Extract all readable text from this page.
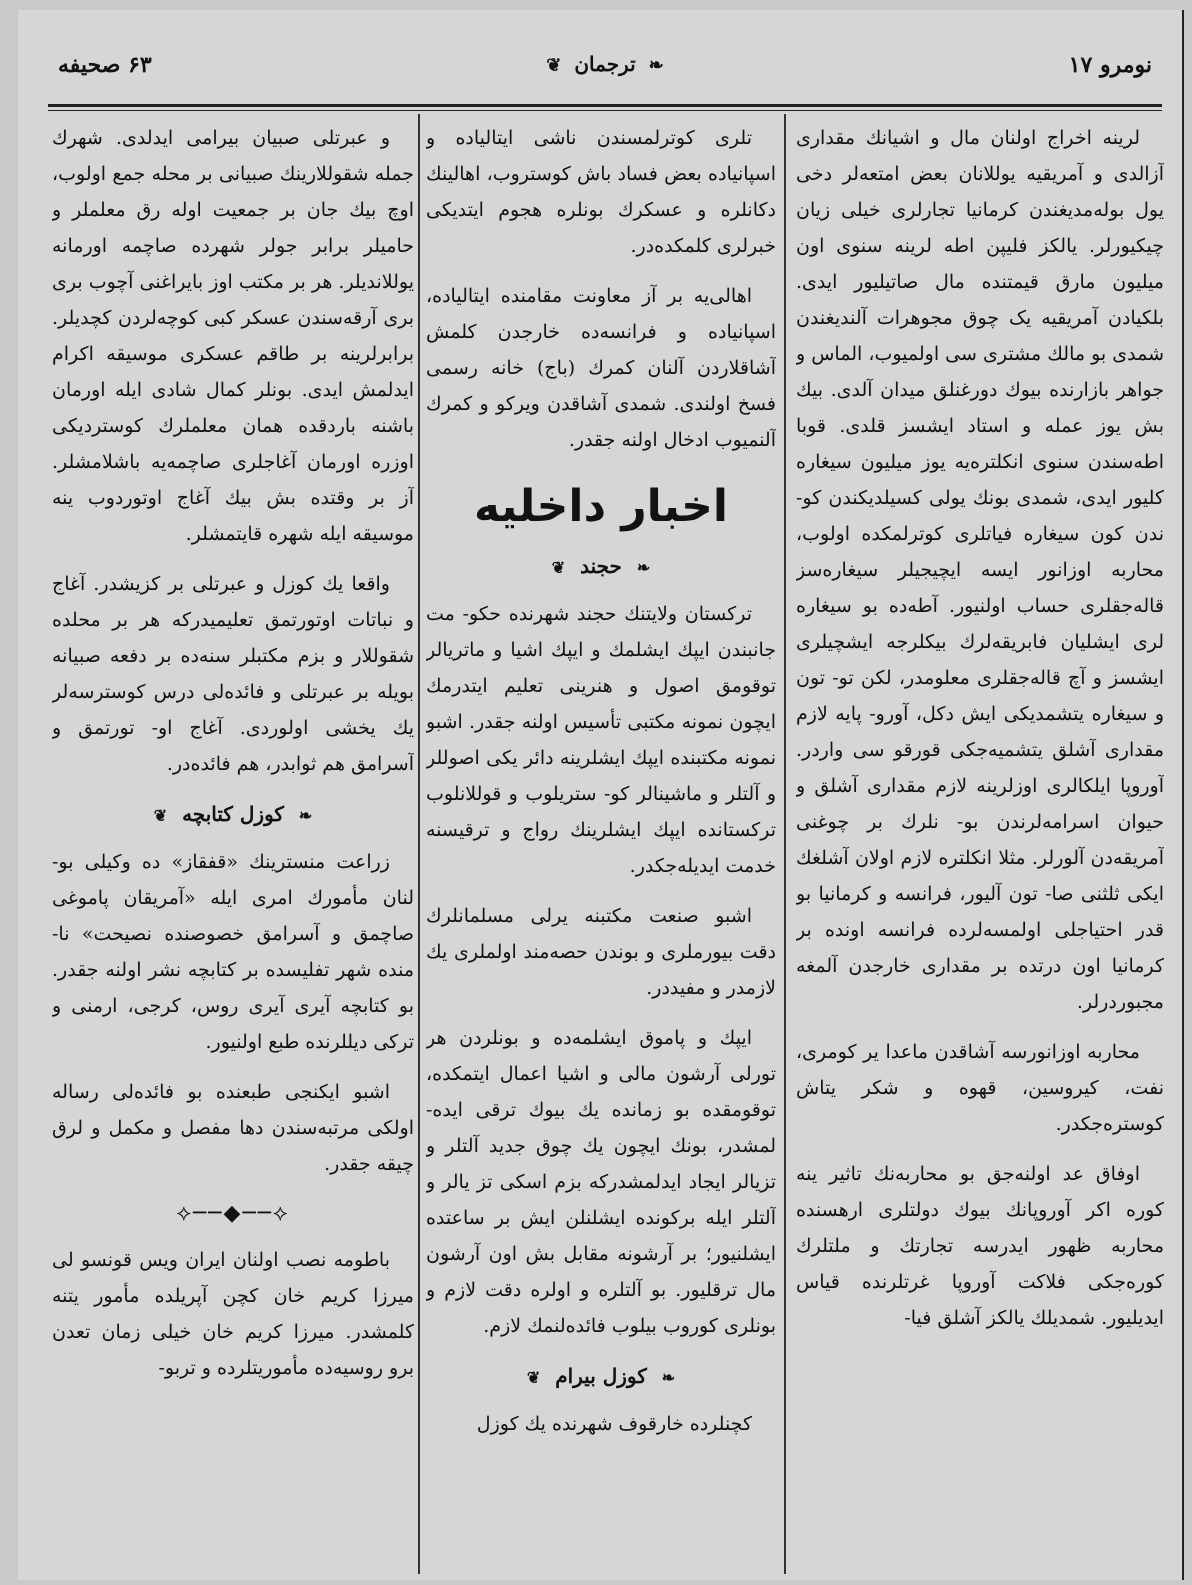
نومرو ۱۷
❧ ترجمان ❦
۶۳ صحیفه

لرینه اخراج اولنان مال و اشیانك مقداری آزالدی و آمریقیه یوللانان بعض امتعه‌لر دخی یول بوله‌مدیغندن کرمانیا تجارلری خیلی زیان چیکیورلر. یالکز فلیپن اطه لرینه سنوی اون میلیون مارق قیمتنده مال صاتیلیور ایدی. بلکیادن آمریقیه یک چوق مجوهرات آلندیغندن شمدی بو مالك مشتری سی اولمیوب، الماس و جواهر بازارنده بیوك دورغنلق میدان آلدی. بیك بش یوز عمله و استاد ایشسز قلدی. قوبا اطه‌سندن سنوی انکلتره‌یه یوز میلیون سیغاره کلیور ایدی، شمدی بونك یولی کسیلدیکندن کو- ندن کون سیغاره فیاتلری کوترلمکده اولوب، محاربه اوزانور ایسه ایچیجیلر سیغاره‌سز قاله‌جقلری حساب اولنیور. آطه‌ده بو سیغاره لری ایشلیان فابریقه‌لرك بیکلرجه ایشچیلری ایشسز و آچ قاله‌جقلری معلومدر، لکن تو- تون و سیغاره یتشمدیکی ایش دکل، آورو- پایه لازم مقداری آشلق یتشمیه‌جکی قورقو سی واردر. آوروپا ایلکالری اوزلرینه لازم مقداری آشلق و حیوان اسرامه‌لرندن بو- نلرك بر چوغنی آمریقه‌دن آلورلر. مثلا انکلتره لازم اولان آشلغك ایکی ثلثنی صا- تون آلیور، فرانسه و کرمانیا بو قدر احتیاجلی اولمسه‌لرده فرانسه اونده بر کرمانیا اون درتده بر مقداری خارجدن آلمغه مجبوردرلر.

محاربه اوزانورسه آشاقدن ماعدا یر کومری، نفت، کیروسین، قهوه و شکر یتاش کوستره‌جکدر.

اوفاق عد اولنه‌جق بو محاربه‌نك تاثیر ینه کوره اکر آوروپانك بیوك دولتلری ارهسنده محاربه ظهور ایدرسه تجارتك و ملتلرك کوره‌جکی فلاکت آوروپا غرتلرنده قیاس ایدیلیور. شمدیلك یالکز آشلق فیا-

تلری کوترلمسندن ناشی ایتالیاده و اسپانیاده بعض فساد باش کوستروب، اهالینك دکانلره و عسکرك بونلره هجوم ایتدیکی خبرلری کلمکده‌در.

اهالی‌یه بر آز معاونت مقامنده ایتالیاده، اسپانیاده و فرانسه‌ده خارجدن کلمش آشاقلاردن آلنان کمرك (باج) خانه رسمی فسخ اولندی. شمدی آشاقدن ویرکو و کمرك آلنمیوب ادخال اولنه جقدر.

اخبار داخلیه
❧ حجند ❦

ترکستان ولایتنك حجند شهرنده حکو- مت جانبندن ایپك ایشلمك و ایپك اشیا و ماتریالر توقومق اصول و هنرینی تعلیم ایتدرمك ایچون نمونه مکتبی تأسیس اولنه جقدر. اشبو نمونه مکتبنده ایپك ایشلرینه دائر یکی اصوللر و آلتلر و ماشینالر کو- ستریلوب و قوللانلوب ترکستانده ایپك ایشلرینك رواج و ترقیسنه خدمت ایدیله‌جکدر.

اشبو صنعت مکتبنه یرلی مسلمانلرك دقت بیورملری و بوندن حصه‌مند اولملری یك لازمدر و مفیددر.

ایپك و پاموق ایشلمه‌ده و بونلردن هر تورلی آرشون مالی و اشیا اعمال ایتمکده، توقومقده بو زمانده یك بیوك ترقی ایده- لمشدر، بونك ایچون یك چوق جدید آلتلر و تزیالر ایجاد ایدلمشدرکه بزم اسکی تز یالر و آلتلر ایله برکونده ایشلنلن ایش بر ساعتده ایشلنیور؛ بر آرشونه مقابل بش اون آرشون مال ترقلیور. بو آلتلره و اولره دقت لازم و بونلری کوروب بیلوب فائده‌لنمك لازم.

❧ کوزل بیرام ❦

کچنلرده خارقوف شهرنده یك کوزل

و عبرتلی صبیان بیرامی ایدلدی. شهرك جمله شقوللارینك صبیانی بر محله جمع اولوب، اوچ بیك جان بر جمعیت اوله رق معلملر و حامیلر برابر جولر شهرده صاچمه اورمانه یوللاندیلر. هر بر مکتب اوز بایراغنی آچوب بری بری آرقه‌سندن عسکر کبی کوچه‌لردن کچدیلر. برابرلرینه بر طاقم عسکری موسیقه اکرام ایدلمش ایدی. بونلر کمال شادی ایله اورمان باشنه باردقده همان معلملرك کوستردیکی اوزره اورمان آغاجلری صاچمه‌یه باشلامشلر. آز بر وقتده بش بیك آغاج اوتوردوب ینه موسیقه ایله شهره قایتمشلر.

واقعا یك کوزل و عبرتلی بر کزیشدر. آغاج و نباتات اوتورتمق تعلیمیدرکه هر بر محلده شقوللار و بزم مکتبلر سنه‌ده بر دفعه صبیانه بویله بر عبرتلی و فائده‌لی درس کوسترسه‌لر یك یخشی اولوردی. آغاج او- تورتمق و آسرامق هم ثوابدر، هم فائده‌در.

❧ کوزل کتابچه ❦

زراعت منسترینك «قفقاز» ده وکیلی بو- لنان مأمورك امری ایله «آمریقان پاموغی صاچمق و آسرامق خصوصنده نصیحت» نا- منده شهر تفلیسده بر کتابچه نشر اولنه جقدر. بو کتابچه آیری آیری روس، کرجی، ارمنی و ترکی دیللرنده طبع اولنیور.

اشبو ایکنجی طبعنده بو فائده‌لی رساله اولکی مرتبه‌سندن دها مفصل و مکمل و لرق چیقه جقدر.

⟡──◆──⟡

باطومه نصب اولنان ایران ویس قونسو لی میرزا کریم خان کچن آپریلده مأمور یتنه کلمشدر. میرزا کریم خان خیلی زمان تعدن برو روسیه‌ده مأموریتلرده و تربو-
